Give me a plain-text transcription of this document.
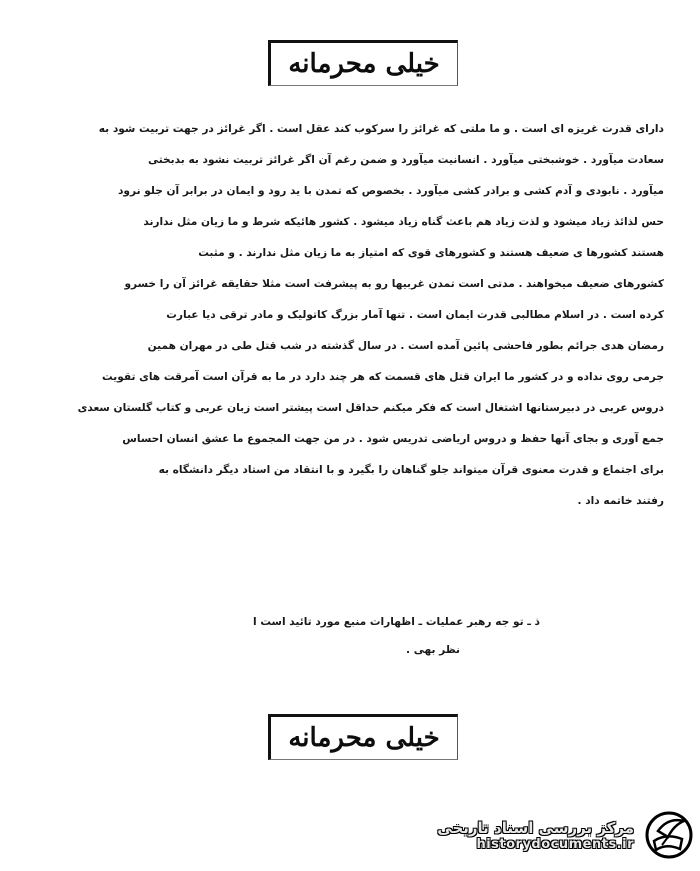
خیلی محرمانه
دارای قدرت غریزه ای است . و ما ملتی که غرائز را سرکوب کند عقل است . اگر غرائز در جهت تربیت شود به
سعادت میآورد . خوشبختی میآورد . انسانیت میآورد و ضمن رغم آن اگر غرائز تربیت نشود به بدبختی
میآورد . نابودی و آدم کشی و برادر کشی میآورد . بخصوص که تمدن با ید رود و ایمان در برابر آن جلو نرود
حس لذائذ زیاد میشود و لذت زیاد هم باعث گناه زیاد میشود . کشور هائیکه شرط و ما زیان مثل ندارند
هستند کشورها ی ضعیف هستند و کشورهای قوی که امتیاز به ما زیان مثل ندارند . و مثبت
کشورهای ضعیف میخواهند . مدتی است تمدن غربیها رو به پیشرفت است مثلا حقایقه غرائز آن را خسرو
کرده است . در اسلام مطالبی قدرت ایمان است . تنها آمار بزرگ کاتولیک و مادر ترقی دیا عبارت
رمضان هدی جرائم بطور فاحشی پائین آمده است . در سال گذشته در شب قتل طی در مهران همین
جرمی روی نداده و در کشور ما ایران قتل های قسمت که هر چند دارد در ما به قرآن است آمرقت های تقویت
دروس عربی در دبیرستانها اشتغال است که فکر میکنم حداقل است پیشتر است زبان عربی و کتاب گلستان سعدی
جمع آوری و بجای آنها حفظ و دروس اریاضی تدریس شود . در من جهت المجموع ما عشق انسان احساس
برای اجتماع و قدرت معنوی قرآن میتواند جلو گناهان را بگیرد و با انتقاد من استاد دیگر دانشگاه به
رفتند خاتمه داد .
ذ ـ تو جه رهبر عملیات ـ اظهارات منبع مورد تائید است ا
نظر بهی .
خیلی محرمانه
مرکز بررسی اسناد تاریخی
historydocuments.ir
